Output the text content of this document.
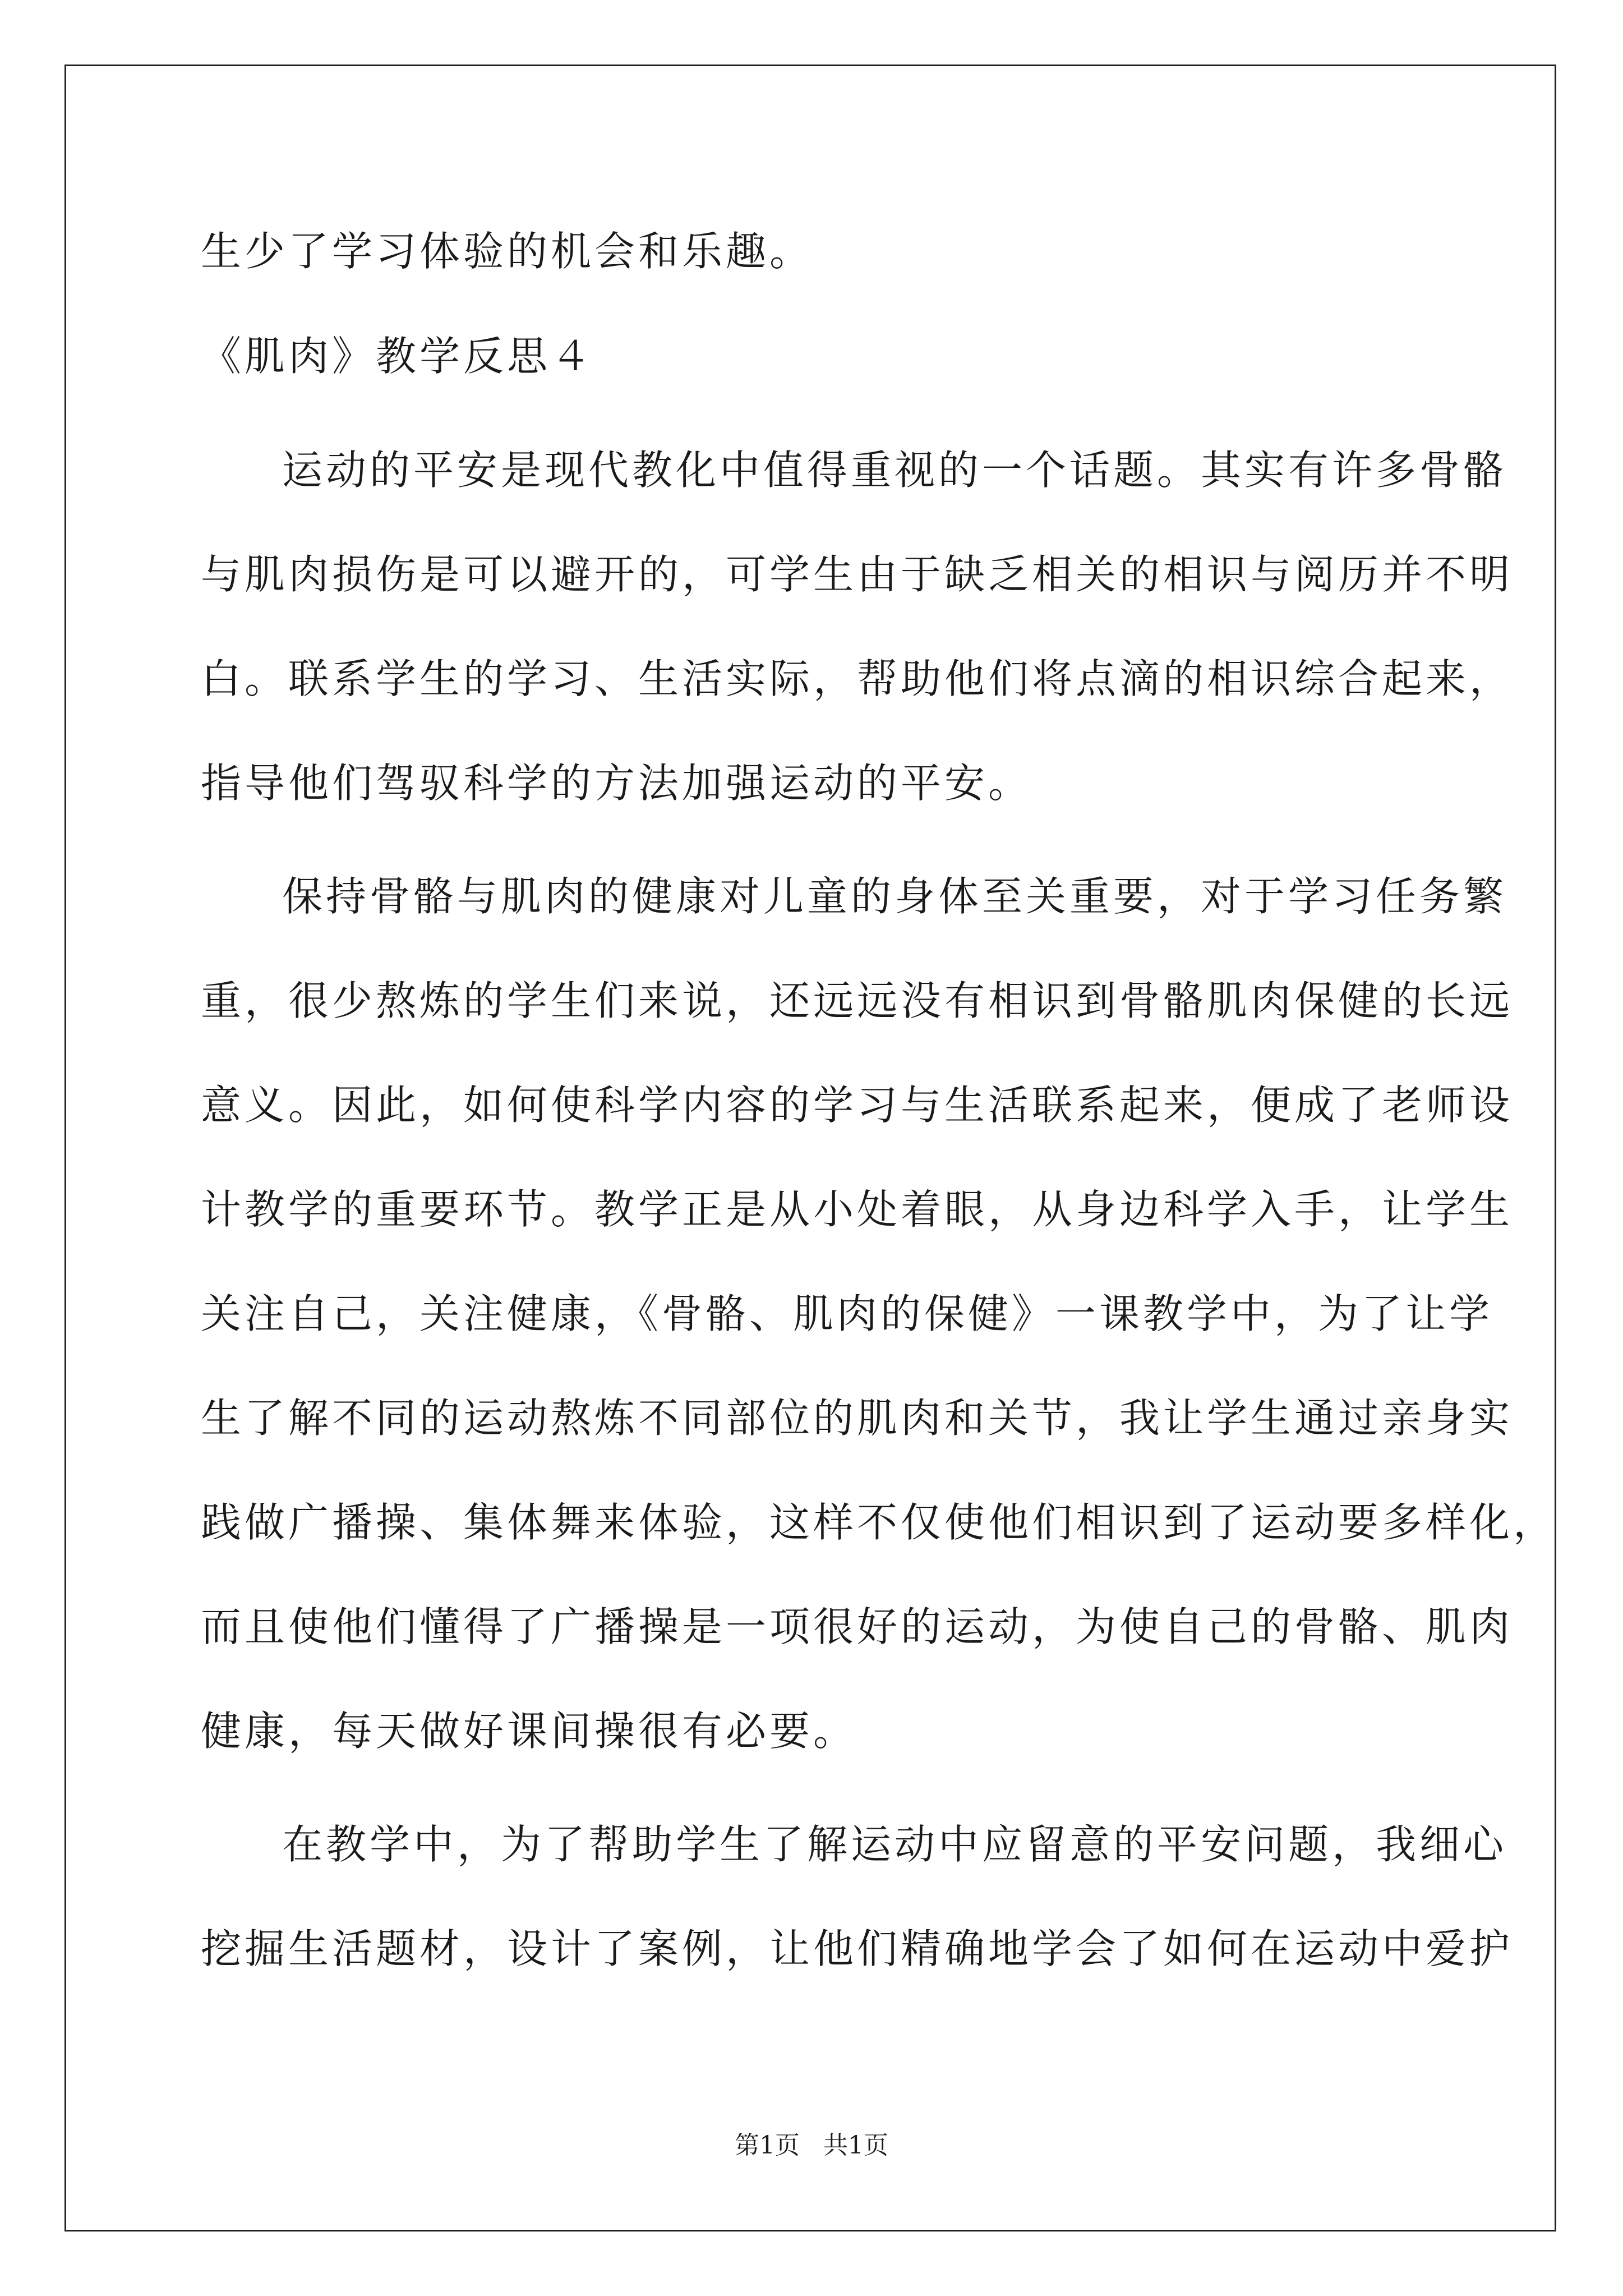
生少了学习体验的机会和乐趣。
《肌肉》教学反思４
运动的平安是现代教化中值得重视的一个话题。其实有许多骨骼
与肌肉损伤是可以避开的，可学生由于缺乏相关的相识与阅历并不明
白。联系学生的学习、生活实际，帮助他们将点滴的相识综合起来，
指导他们驾驭科学的方法加强运动的平安。
保持骨骼与肌肉的健康对儿童的身体至关重要，对于学习任务繁
重，很少熬炼的学生们来说，还远远没有相识到骨骼肌肉保健的长远
意义。因此，如何使科学内容的学习与生活联系起来，便成了老师设
计教学的重要环节。教学正是从小处着眼，从身边科学入手，让学生
关注自己，关注健康，《骨骼、肌肉的保健》一课教学中，为了让学
生了解不同的运动熬炼不同部位的肌肉和关节，我让学生通过亲身实
践做广播操、集体舞来体验，这样不仅使他们相识到了运动要多样化，
而且使他们懂得了广播操是一项很好的运动，为使自己的骨骼、肌肉
健康，每天做好课间操很有必要。
在教学中，为了帮助学生了解运动中应留意的平安问题，我细心
挖掘生活题材，设计了案例，让他们精确地学会了如何在运动中爱护
第1页 共1页
